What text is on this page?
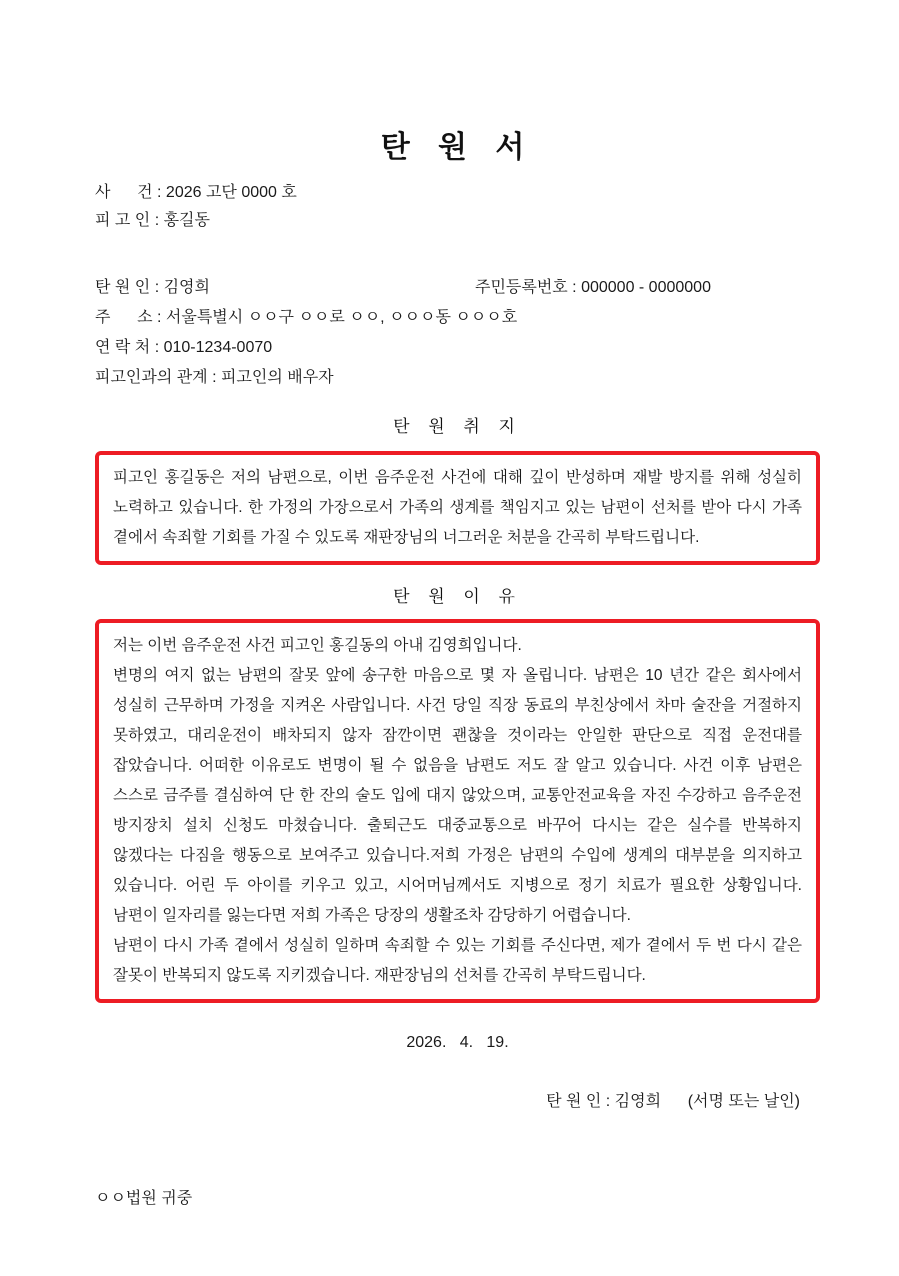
탄 원 서
사      건 : 2026 고단 0000 호
피 고 인 : 홍길동
탄 원 인 : 김영희	주민등록번호 : 000000 - 0000000
주      소 : 서울특별시 ㅇㅇ구 ㅇㅇ로 ㅇㅇ, ㅇㅇㅇ동 ㅇㅇㅇ호
연 락 처 : 010-1234-0070
피고인과의 관계 : 피고인의 배우자
탄 원 취 지
피고인 홍길동은 저의 남편으로, 이번 음주운전 사건에 대해 깊이 반성하며 재발 방지를 위해 성실히 노력하고 있습니다. 한 가정의 가장으로서 가족의 생계를 책임지고 있는 남편이 선처를 받아 다시 가족 곁에서 속죄할 기회를 가질 수 있도록 재판장님의 너그러운 처분을 간곡히 부탁드립니다.
탄 원 이 유
저는 이번 음주운전 사건 피고인 홍길동의 아내 김영희입니다.
변명의 여지 없는 남편의 잘못 앞에 송구한 마음으로 몇 자 올립니다. 남편은 10 년간 같은 회사에서 성실히 근무하며 가정을 지켜온 사람입니다. 사건 당일 직장 동료의 부친상에서 차마 술잔을 거절하지 못하였고, 대리운전이 배차되지 않자 잠깐이면 괜찮을 것이라는 안일한 판단으로 직접 운전대를 잡았습니다. 어떠한 이유로도 변명이 될 수 없음을 남편도 저도 잘 알고 있습니다. 사건 이후 남편은 스스로 금주를 결심하여 단 한 잔의 술도 입에 대지 않았으며, 교통안전교육을 자진 수강하고 음주운전 방지장치 설치 신청도 마쳤습니다. 출퇴근도 대중교통으로 바꾸어 다시는 같은 실수를 반복하지 않겠다는 다짐을 행동으로 보여주고 있습니다.저희 가정은 남편의 수입에 생계의 대부분을 의지하고 있습니다. 어린 두 아이를 키우고 있고, 시어머님께서도 지병으로 정기 치료가 필요한 상황입니다. 남편이 일자리를 잃는다면 저희 가족은 당장의 생활조차 감당하기 어렵습니다.
남편이 다시 가족 곁에서 성실히 일하며 속죄할 수 있는 기회를 주신다면, 제가 곁에서 두 번 다시 같은 잘못이 반복되지 않도록 지키겠습니다. 재판장님의 선처를 간곡히 부탁드립니다.
2026.   4.   19.

탄 원 인 : 김영희      (서명 또는 날인)

ㅇㅇ법원 귀중
